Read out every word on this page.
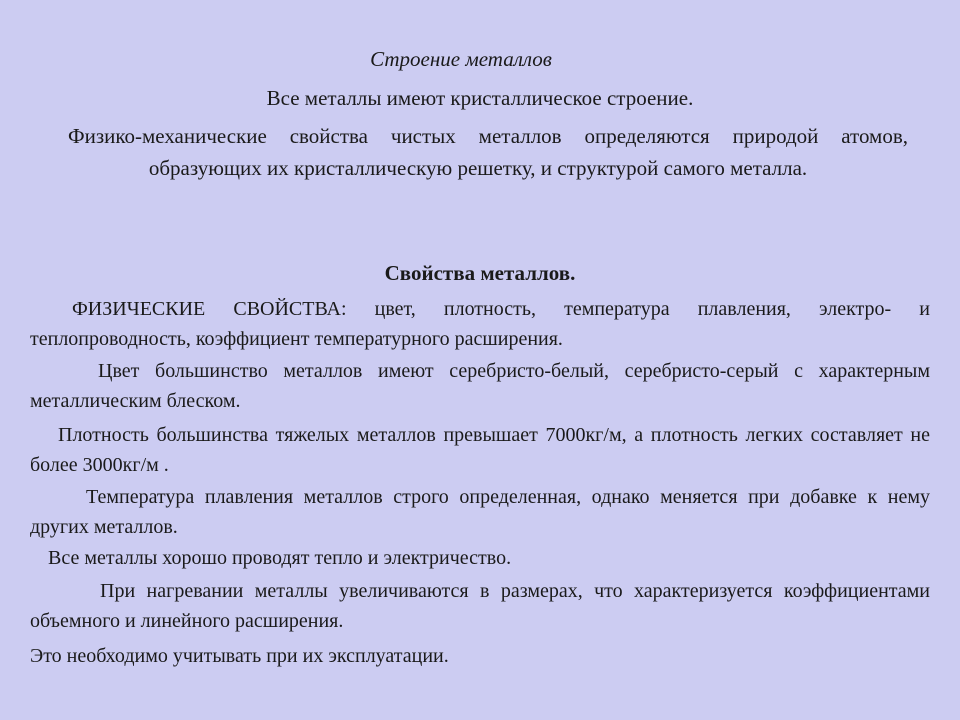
Строение металлов

Все металлы имеют кристаллическое строение.

Физико-механические свойства чистых металлов определяются природой атомов, образующих их кристаллическую решетку, и структурой самого металла.

Свойства металлов.

ФИЗИЧЕСКИЕ СВОЙСТВА: цвет, плотность, температура плавления, электро- и теплопроводность, коэффициент температурного расширения.

Цвет большинство металлов имеют серебристо-белый, серебристо-серый с характерным металлическим блеском.

Плотность большинства тяжелых металлов превышает 7000кг/м, а плотность легких составляет не более 3000кг/м .

Температура плавления металлов строго определенная, однако меняется при добавке к нему других металлов.

Все металлы хорошо проводят тепло и электричество.

При нагревании металлы увеличиваются в размерах, что характеризуется коэффициентами объемного и линейного расширения.

Это необходимо учитывать при их эксплуатации.
